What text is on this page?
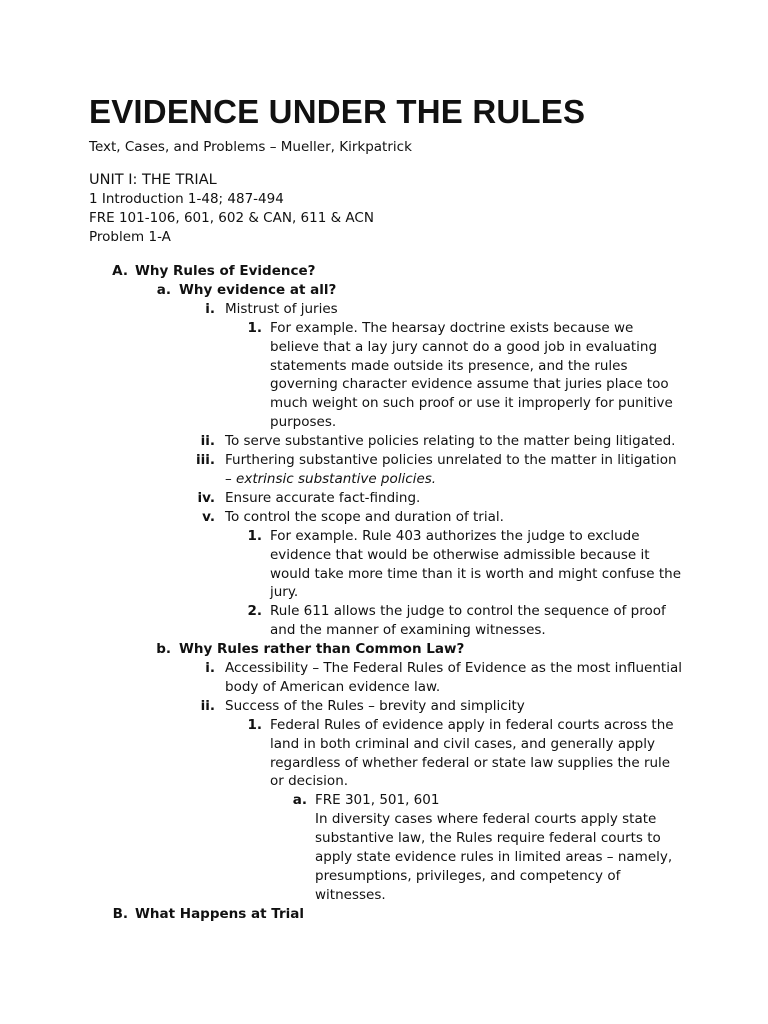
EVIDENCE UNDER THE RULES
Text, Cases, and Problems – Mueller, Kirkpatrick
UNIT I: THE TRIAL
1 Introduction 1-48; 487-494
FRE 101-106, 601, 602 & CAN, 611 & ACN
Problem 1-A
A. Why Rules of Evidence?
a. Why evidence at all?
i. Mistrust of juries
1. For example. The hearsay doctrine exists because we
believe that a lay jury cannot do a good job in evaluating
statements made outside its presence, and the rules
governing character evidence assume that juries place too
much weight on such proof or use it improperly for punitive
purposes.
ii. To serve substantive policies relating to the matter being litigated.
iii. Furthering substantive policies unrelated to the matter in litigation
– extrinsic substantive policies.
iv. Ensure accurate fact-finding.
v. To control the scope and duration of trial.
1. For example. Rule 403 authorizes the judge to exclude
evidence that would be otherwise admissible because it
would take more time than it is worth and might confuse the
jury.
2. Rule 611 allows the judge to control the sequence of proof
and the manner of examining witnesses.
b. Why Rules rather than Common Law?
i. Accessibility – The Federal Rules of Evidence as the most influential
body of American evidence law.
ii. Success of the Rules – brevity and simplicity
1. Federal Rules of evidence apply in federal courts across the
land in both criminal and civil cases, and generally apply
regardless of whether federal or state law supplies the rule
or decision.
a. FRE 301, 501, 601
In diversity cases where federal courts apply state
substantive law, the Rules require federal courts to
apply state evidence rules in limited areas – namely,
presumptions, privileges, and competency of
witnesses.
B. What Happens at Trial
